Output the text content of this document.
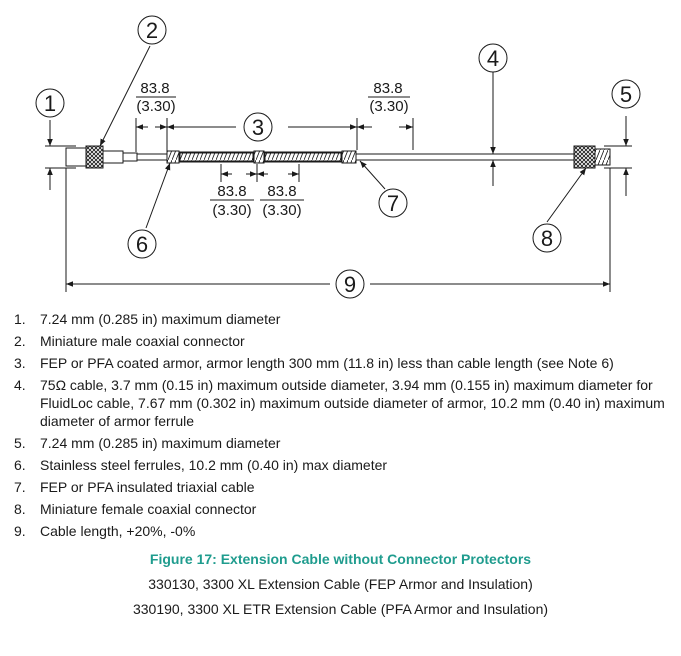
1
2
3
4
5
6
7
8
9
83.8
(3.30)
83.8
(3.30)
83.8
(3.30)
83.8
(3.30)
1. 7.24 mm (0.285 in) maximum diameter
2. Miniature male coaxial connector
3. FEP or PFA coated armor, armor length 300 mm (11.8 in) less than cable length (see Note 6)
4. 75Ω cable, 3.7 mm (0.15 in) maximum outside diameter, 3.94 mm (0.155 in) maximum diameter for FluidLoc cable, 7.67 mm (0.302 in) maximum outside diameter of armor, 10.2 mm (0.40 in) maximum diameter of armor ferrule
5. 7.24 mm (0.285 in) maximum diameter
6. Stainless steel ferrules, 10.2 mm (0.40 in) max diameter
7. FEP or PFA insulated triaxial cable
8. Miniature female coaxial connector
9. Cable length, +20%, -0%
Figure 17: Extension Cable without Connector Protectors
330130, 3300 XL Extension Cable (FEP Armor and Insulation)
330190, 3300 XL ETR Extension Cable (PFA Armor and Insulation)
